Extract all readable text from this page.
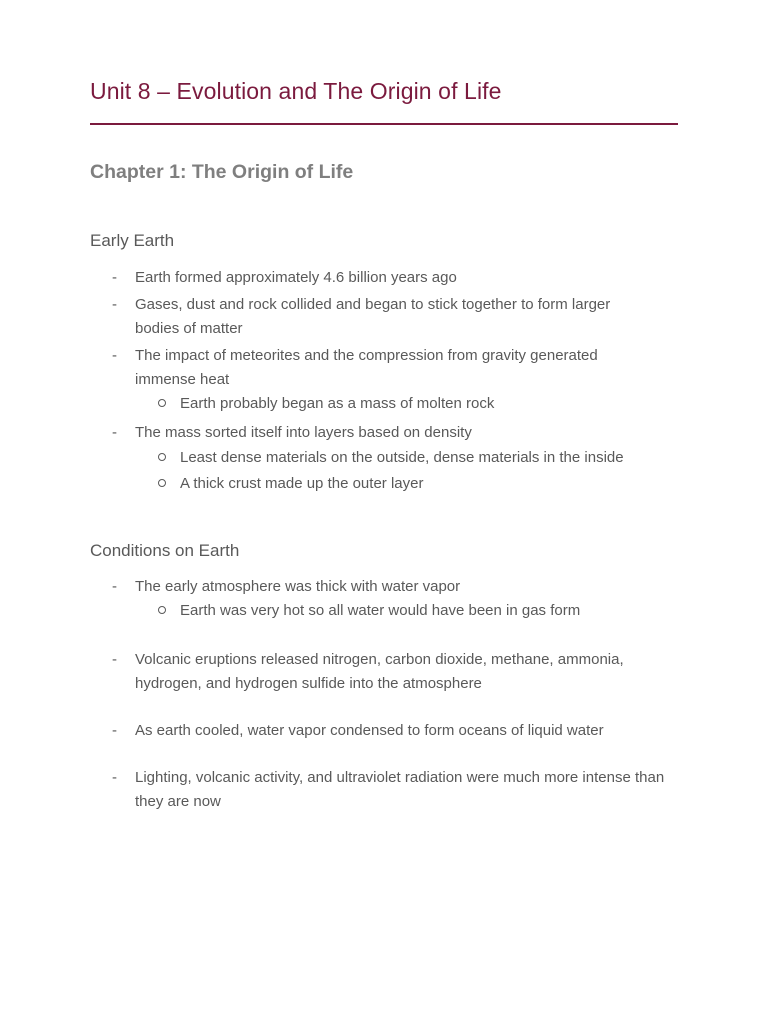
Unit 8 – Evolution and The Origin of Life
Chapter 1: The Origin of Life
Early Earth
- Earth formed approximately 4.6 billion years ago
- Gases, dust and rock collided and began to stick together to form larger bodies of matter
- The impact of meteorites and the compression from gravity generated immense heat
Earth probably began as a mass of molten rock
- The mass sorted itself into layers based on density
Least dense materials on the outside, dense materials in the inside
A thick crust made up the outer layer
Conditions on Earth
- The early atmosphere was thick with water vapor
Earth was very hot so all water would have been in gas form
- Volcanic eruptions released nitrogen, carbon dioxide, methane, ammonia, hydrogen, and hydrogen sulfide into the atmosphere
- As earth cooled, water vapor condensed to form oceans of liquid water
- Lighting, volcanic activity, and ultraviolet radiation were much more intense than they are now
